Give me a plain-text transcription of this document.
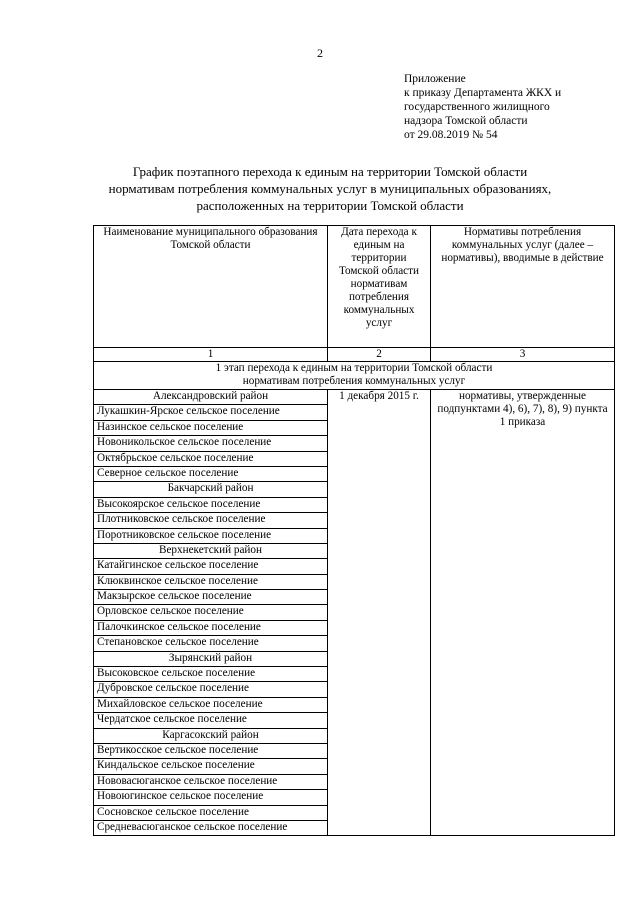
2
Приложение
к приказу Департамента ЖКХ и
государственного жилищного
надзора Томской области
от 29.08.2019 № 54
График поэтапного перехода к единым на территории Томской области
нормативам потребления коммунальных услуг в муниципальных образованиях,
расположенных на территории Томской области
Наименование муниципального образования Томской области	Дата перехода к единым на территории Томской области нормативам потребления коммунальных услуг	Нормативы потребления коммунальных услуг (далее – нормативы), вводимые в действие
1	2	3

1 этап перехода к единым на территории Томской области
нормативам потребления коммунальных услуг		

Александровский район	1 декабря 2015 г.	нормативы, утвержденные подпунктами 4), 6), 7), 8), 9) пункта 1 приказа
Лукашкин-Ярское сельское поселение		
Назинское сельское поселение		
Новоникольское сельское поселение		
Октябрьское сельское поселение		
Северное сельское поселение		
Бакчарский район		
Высокоярское сельское поселение		
Плотниковское сельское поселение		
Поротниковское сельское поселение		
Верхнекетский район		
Катайгинское сельское поселение		
Клюквинское сельское поселение		
Макзырское сельское поселение		
Орловское сельское поселение		
Палочкинское сельское поселение		
Степановское сельское поселение		
Зырянский район		
Высоковское сельское поселение		
Дубровское сельское поселение		
Михайловское сельское поселение		
Чердатское сельское поселение		
Каргасокский район		
Вертикосское сельское поселение		
Киндальское сельское поселение		
Нововасюганское сельское поселение		
Новоюгинское сельское поселение		
Сосновское сельское поселение		
Средневасюганское сельское поселение		
